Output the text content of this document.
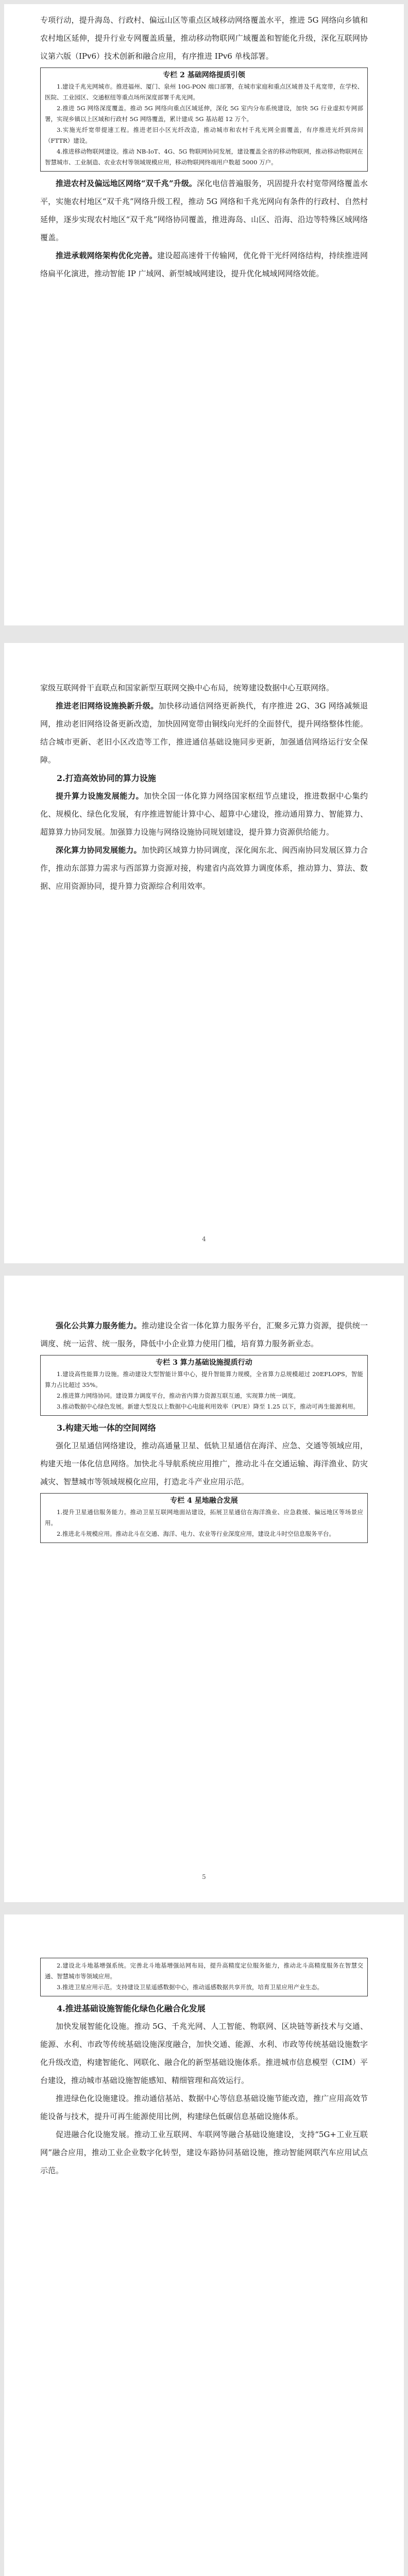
专项行动，提升海岛、行政村、偏远山区等重点区域移动网络覆盖水平，推进 5G 网络向乡镇和农村地区延伸，提升行业专网覆盖质量，推动移动物联网广域覆盖和智能化升级，深化互联网协议第六版（IPv6）技术创新和融合应用，有序推进 IPv6 单栈部署。

专栏 2 基础网络提质引领

1.建设千兆光网城市。推进福州、厦门、泉州 10G-PON 端口部署，在城市家庭和重点区域普及千兆宽带，在学校、医院、工业园区、交通枢纽等重点场所深度部署千兆光网。

2.推进 5G 网络深度覆盖。推动 5G 网络向重点区域延伸，深化 5G 室内分布系统建设，加快 5G 行业虚拟专网部署，实现乡镇以上区域和行政村 5G 网络覆盖，累计建成 5G 基站超 12 万个。

3.实施光纤宽带提速工程。推进老旧小区光纤改造，推动城市和农村千兆光网全面覆盖，有序推进光纤到房间（FTTR）建设。

4.推进移动物联网建设。推动 NB-IoT、4G、5G 物联网协同发展，建设覆盖全省的移动物联网，推动移动物联网在智慧城市、工业制造、农业农村等领域规模应用，移动物联网终端用户数超 5000 万户。

推进农村及偏远地区网络“双千兆”升级。深化电信普遍服务，巩固提升农村宽带网络覆盖水平，实施农村地区“双千兆”网络升级工程，推动 5G 网络和千兆光网向有条件的行政村、自然村延伸，逐步实现农村地区“双千兆”网络协同覆盖，推进海岛、山区、沿海、沿边等特殊区域网络覆盖。

推进承载网络架构优化完善。建设超高速骨干传输网，优化骨干光纤网络结构，持续推进网络扁平化演进，推动智能 IP 广域网、新型城域网建设，提升优化城域网网络效能。

家级互联网骨干直联点和国家新型互联网交换中心布局，统筹建设数据中心互联网络。

推进老旧网络设施换新升级。加快移动通信网络更新换代，有序推进 2G、3G 网络减频退网，推动老旧网络设备更新改造，加快固网宽带由铜线向光纤的全面替代，提升网络整体性能。结合城市更新、老旧小区改造等工作，推进通信基础设施同步更新，加强通信网络运行安全保障。

2.打造高效协同的算力设施

提升算力设施发展能力。加快全国一体化算力网络国家枢纽节点建设，推进数据中心集约化、规模化、绿色化发展，有序推进智能计算中心、超算中心建设，推动通用算力、智能算力、超算算力协同发展。加强算力设施与网络设施协同规划建设，提升算力资源供给能力。

深化算力协同发展能力。加快跨区域算力协同调度，深化闽东北、闽西南协同发展区算力合作，推动东部算力需求与西部算力资源对接，构建省内高效算力调度体系，推动算力、算法、数据、应用资源协同，提升算力资源综合利用效率。

4

强化公共算力服务能力。推动建设全省一体化算力服务平台，汇聚多元算力资源，提供统一调度、统一运营、统一服务，降低中小企业算力使用门槛，培育算力服务新业态。

专栏 3 算力基础设施提质行动

1.建设高性能算力设施。推动建设大型智能计算中心，提升智能算力规模，全省算力总规模超过 20EFLOPS，智能算力占比超过 35%。

2.推进算力网络协同。建设算力调度平台，推动省内算力资源互联互通，实现算力统一调度。

3.推动数据中心绿色发展。新建大型及以上数据中心电能利用效率（PUE）降至 1.25 以下，推动可再生能源利用。

3.构建天地一体的空间网络

强化卫星通信网络建设，推动高通量卫星、低轨卫星通信在海洋、应急、交通等领域应用，构建天地一体化信息网络。加快北斗导航系统应用推广，推动北斗在交通运输、海洋渔业、防灾减灾、智慧城市等领域规模化应用，打造北斗产业应用示范。

专栏 4 星地融合发展

1.提升卫星通信服务能力。推动卫星互联网地面站建设，拓展卫星通信在海洋渔业、应急救援、偏远地区等场景应用。

2.推进北斗规模应用。推动北斗在交通、海洋、电力、农业等行业深度应用，建设北斗时空信息服务平台。

5

2.建设北斗地基增强系统。完善北斗地基增强站网布局，提升高精度定位服务能力，推动北斗高精度服务在智慧交通、智慧城市等领域应用。

3.推进卫星应用示范。支持建设卫星遥感数据中心，推动遥感数据共享开放，培育卫星应用产业生态。

4.推进基础设施智能化绿色化融合化发展

加快发展智能化设施。推动 5G、千兆光网、人工智能、物联网、区块链等新技术与交通、能源、水利、市政等传统基础设施深度融合，加快交通、能源、水利、市政等传统基础设施数字化升级改造，构建智能化、网联化、融合化的新型基础设施体系。推进城市信息模型（CIM）平台建设，推动城市基础设施智能感知、精细管理和高效运行。

推进绿色化设施建设。推动通信基站、数据中心等信息基础设施节能改造，推广应用高效节能设备与技术，提升可再生能源使用比例，构建绿色低碳信息基础设施体系。

促进融合化设施发展。推动工业互联网、车联网等融合基础设施建设，支持“5G+工业互联网”融合应用，推动工业企业数字化转型，建设车路协同基础设施，推动智能网联汽车应用试点示范。
